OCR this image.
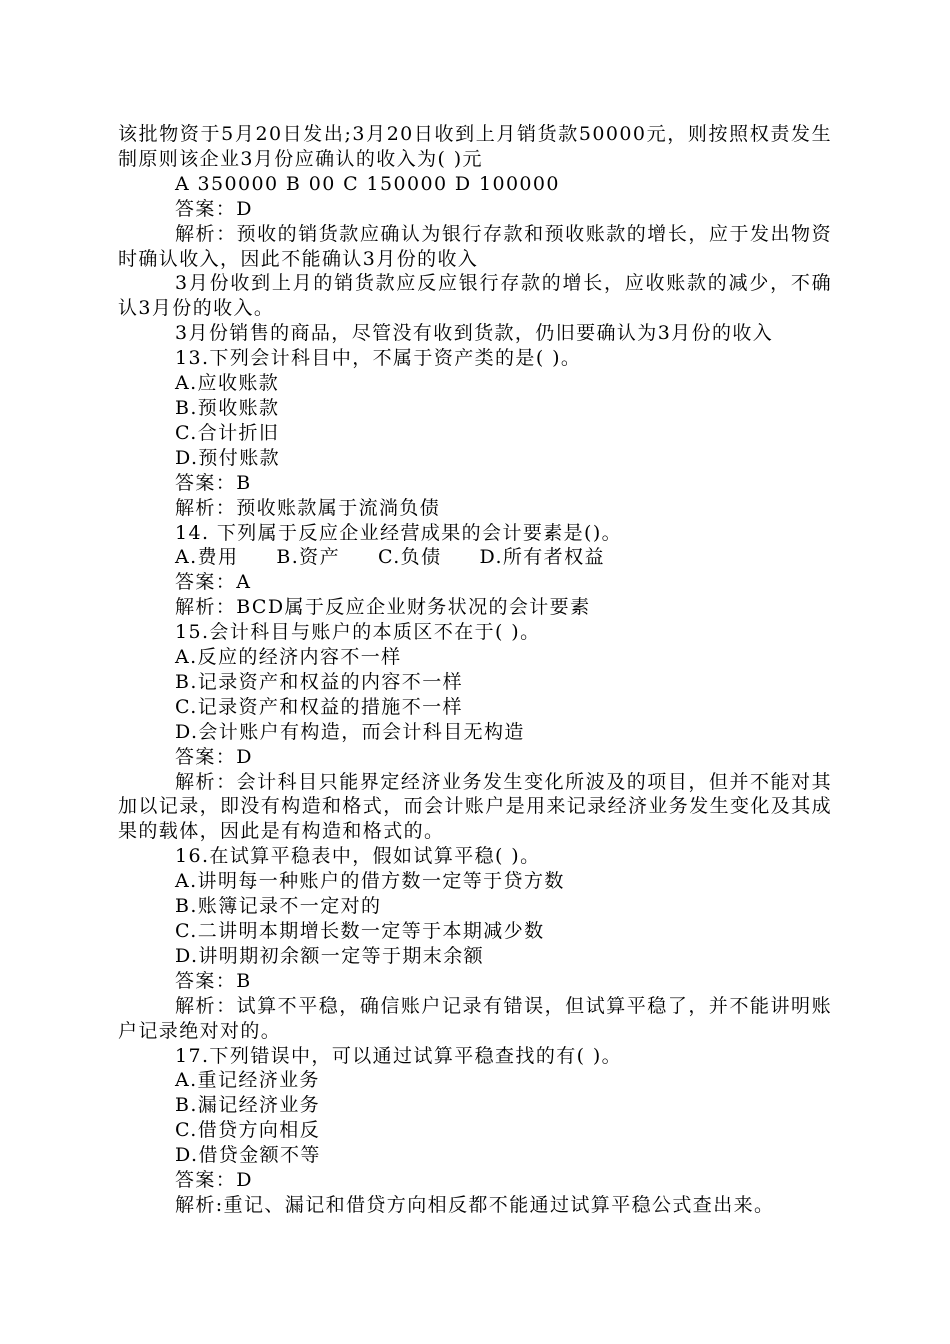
该批物资于5月20日发出;3月20日收到上月销货款50000元，则按照权责发生制原则该企业3月份应确认的收入为( )元

A 350000 B 00 C 150000 D 100000

答案：D

解析：预收的销货款应确认为银行存款和预收账款的增长，应于发出物资时确认收入，因此不能确认3月份的收入

3月份收到上月的销货款应反应银行存款的增长，应收账款的减少，不确认3月份的收入。

3月份销售的商品，尽管没有收到货款，仍旧要确认为3月份的收入

13.下列会计科目中，不属于资产类的是( )。

A.应收账款

B.预收账款

C.合计折旧

D.预付账款

答案：B

解析：预收账款属于流淌负债

14. 下列属于反应企业经营成果的会计要素是()。

A.费用 B.资产 C.负债 D.所有者权益

答案：A

解析：BCD属于反应企业财务状况的会计要素

15.会计科目与账户的本质区不在于( )。

A.反应的经济内容不一样

B.记录资产和权益的内容不一样

C.记录资产和权益的措施不一样

D.会计账户有构造，而会计科目无构造

答案：D

解析：会计科目只能界定经济业务发生变化所波及的项目，但并不能对其加以记录，即没有构造和格式，而会计账户是用来记录经济业务发生变化及其成果的载体，因此是有构造和格式的。

16.在试算平稳表中，假如试算平稳( )。

A.讲明每一种账户的借方数一定等于贷方数

B.账簿记录不一定对的

C.二讲明本期增长数一定等于本期减少数

D.讲明期初余额一定等于期末余额

答案：B

解析：试算不平稳，确信账户记录有错误，但试算平稳了，并不能讲明账户记录绝对对的。

17.下列错误中，可以通过试算平稳查找的有( )。

A.重记经济业务

B.漏记经济业务

C.借贷方向相反

D.借贷金额不等

答案：D

解析:重记、漏记和借贷方向相反都不能通过试算平稳公式查出来。
